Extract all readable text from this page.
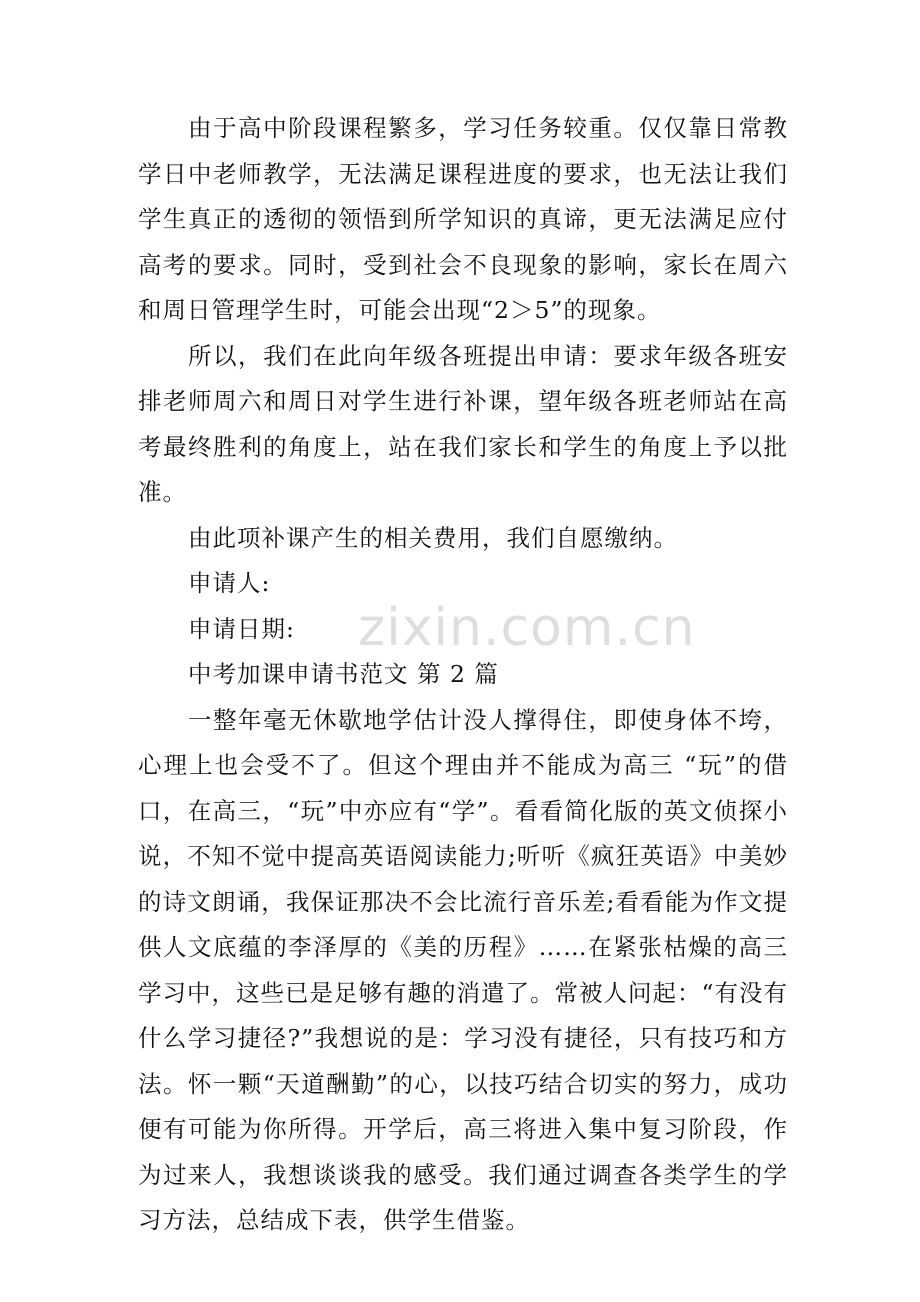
由于高中阶段课程繁多，学习任务较重。仅仅靠日常教学日中老师教学，无法满足课程进度的要求，也无法让我们学生真正的透彻的领悟到所学知识的真谛，更无法满足应付高考的要求。同时，受到社会不良现象的影响，家长在周六和周日管理学生时，可能会出现“2＞5”的现象。

所以，我们在此向年级各班提出申请：要求年级各班安排老师周六和周日对学生进行补课，望年级各班老师站在高考最终胜利的角度上，站在我们家长和学生的角度上予以批准。

由此项补课产生的相关费用，我们自愿缴纳。

申请人:

申请日期:

中考加课申请书范文 第 2 篇

一整年毫无休歇地学估计没人撑得住，即使身体不垮，心理上也会受不了。但这个理由并不能成为高三 “玩”的借口，在高三，“玩”中亦应有“学”。看看简化版的英文侦探小说，不知不觉中提高英语阅读能力;听听《疯狂英语》中美妙的诗文朗诵，我保证那决不会比流行音乐差;看看能为作文提供人文底蕴的李泽厚的《美的历程》……在紧张枯燥的高三学习中，这些已是足够有趣的消遣了。常被人问起：“有没有什么学习捷径?”我想说的是：学习没有捷径，只有技巧和方法。怀一颗“天道酬勤”的心，以技巧结合切实的努力，成功便有可能为你所得。开学后，高三将进入集中复习阶段，作为过来人，我想谈谈我的感受。我们通过调查各类学生的学习方法，总结成下表，供学生借鉴。

zixin.com.cn
